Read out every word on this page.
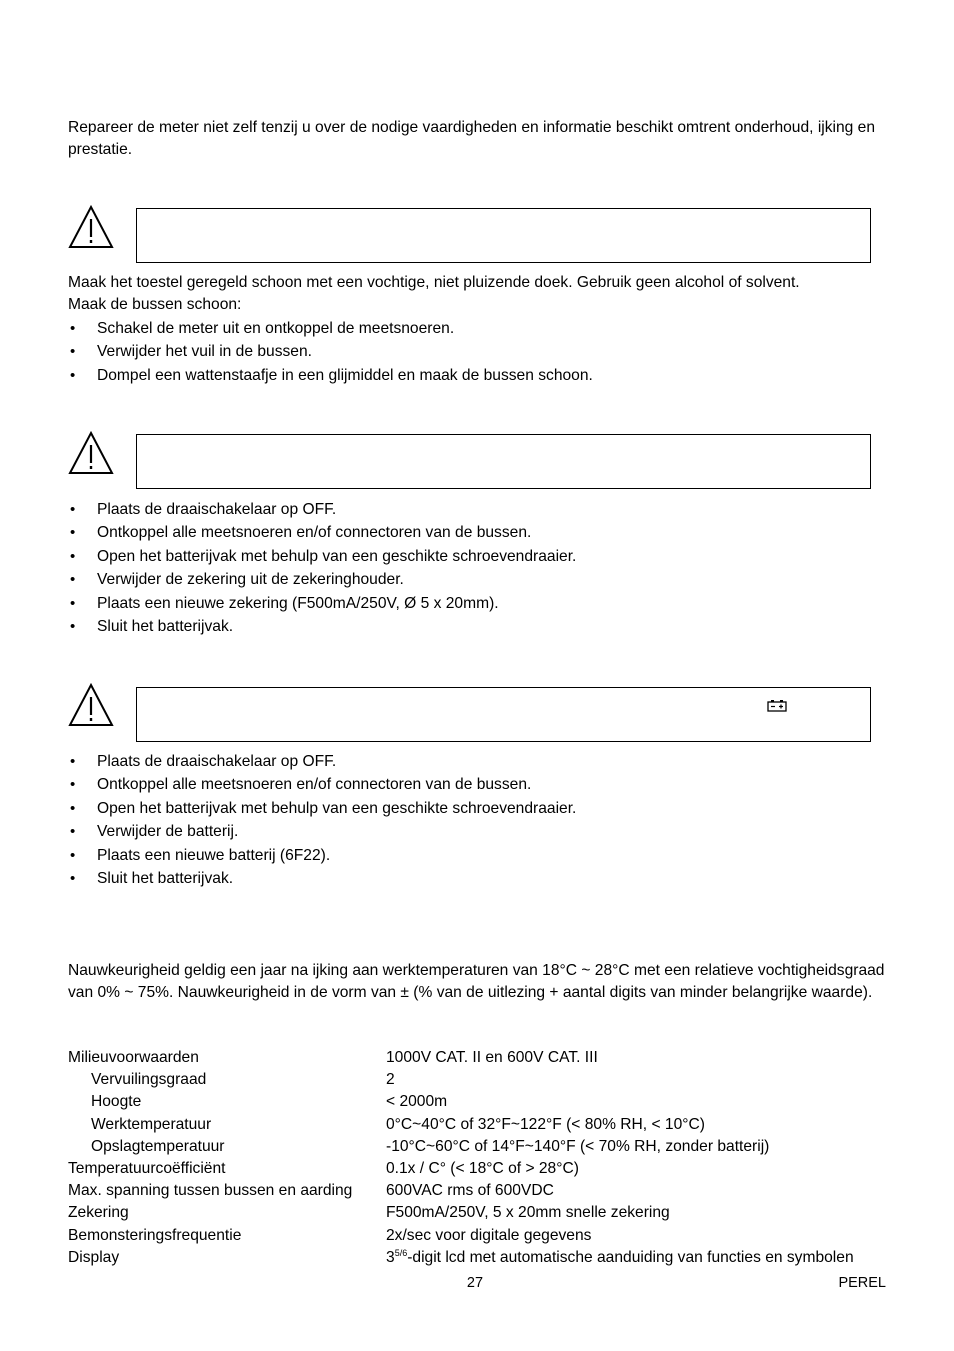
Repareer de meter niet zelf tenzij u over de nodige vaardigheden en informatie beschikt omtrent onderhoud, ijking en prestatie.
Maak het toestel geregeld schoon met een vochtige, niet pluizende doek. Gebruik geen alcohol of solvent.
Maak de bussen schoon:
• Schakel de meter uit en ontkoppel de meetsnoeren.
• Verwijder het vuil in de bussen.
• Dompel een wattenstaafje in een glijmiddel en maak de bussen schoon.
• Plaats de draaischakelaar op OFF.
• Ontkoppel alle meetsnoeren en/of connectoren van de bussen.
• Open het batterijvak met behulp van een geschikte schroevendraaier.
• Verwijder de zekering uit de zekeringhouder.
• Plaats een nieuwe zekering (F500mA/250V, Ø 5 x 20mm).
• Sluit het batterijvak.
• Plaats de draaischakelaar op OFF.
• Ontkoppel alle meetsnoeren en/of connectoren van de bussen.
• Open het batterijvak met behulp van een geschikte schroevendraaier.
• Verwijder de batterij.
• Plaats een nieuwe batterij (6F22).
• Sluit het batterijvak.
Nauwkeurigheid geldig een jaar na ijking aan werktemperaturen van 18°C ~ 28°C met een relatieve vochtigheidsgraad van 0% ~ 75%. Nauwkeurigheid in de vorm van ± (% van de uitlezing + aantal digits van minder belangrijke waarde).
Milieuvoorwaarden	1000V CAT. II en 600V CAT. III
Vervuilingsgraad	2
Hoogte	< 2000m
Werktemperatuur	0°C~40°C of 32°F~122°F (< 80% RH, < 10°C)
Opslagtemperatuur	-10°C~60°C of 14°F~140°F (< 70% RH, zonder batterij)
Temperatuurcoëfficiënt	0.1x / C° (< 18°C of > 28°C)
Max. spanning tussen bussen en aarding 600VAC rms of 600VDC
Zekering	F500mA/250V, 5 x 20mm snelle zekering
Bemonsteringsfrequentie	2x/sec voor digitale gegevens
Display	$3^{5/6}$-digit lcd met automatische aanduiding van functies en symbolen
27	PEREL
